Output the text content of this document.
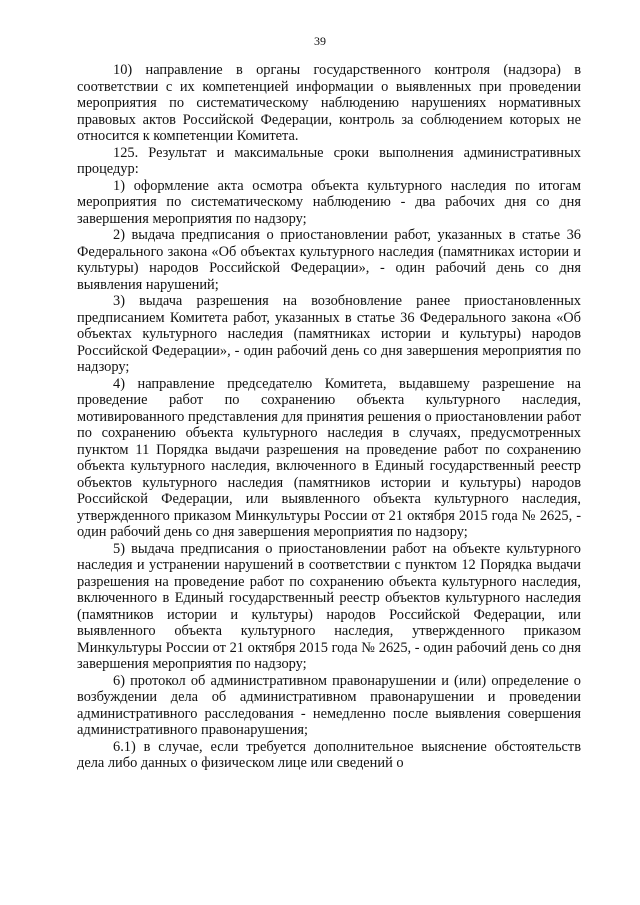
39

10) направление в органы государственного контроля (надзора) в соответствии с их компетенцией информации о выявленных при проведении мероприятия по систематическому наблюдению нарушениях нормативных правовых актов Российской Федерации, контроль за соблюдением которых не относится к компетенции Комитета.

125. Результат и максимальные сроки выполнения административных процедур:

1) оформление акта осмотра объекта культурного наследия по итогам мероприятия по систематическому наблюдению - два рабочих дня со дня завершения мероприятия по надзору;

2) выдача предписания о приостановлении работ, указанных в статье 36 Федерального закона «Об объектах культурного наследия (памятниках истории и культуры) народов Российской Федерации», - один рабочий день со дня выявления нарушений;

3) выдача разрешения на возобновление ранее приостановленных предписанием Комитета работ, указанных в статье 36 Федерального закона «Об объектах культурного наследия (памятниках истории и культуры) народов Российской Федерации», - один рабочий день со дня завершения мероприятия по надзору;

4) направление председателю Комитета, выдавшему разрешение на проведение работ по сохранению объекта культурного наследия, мотивированного представления для принятия решения о приостановлении работ по сохранению объекта культурного наследия в случаях, предусмотренных пунктом 11 Порядка выдачи разрешения на проведение работ по сохранению объекта культурного наследия, включенного в Единый государственный реестр объектов культурного наследия (памятников истории и культуры) народов Российской Федерации, или выявленного объекта культурного наследия, утвержденного приказом Минкультуры России от 21 октября 2015 года № 2625, - один рабочий день со дня завершения мероприятия по надзору;

5) выдача предписания о приостановлении работ на объекте культурного наследия и устранении нарушений в соответствии с пунктом 12 Порядка выдачи разрешения на проведение работ по сохранению объекта культурного наследия, включенного в Единый государственный реестр объектов культурного наследия (памятников истории и культуры) народов Российской Федерации, или выявленного объекта культурного наследия, утвержденного приказом Минкультуры России от 21 октября 2015 года № 2625, - один рабочий день со дня завершения мероприятия по надзору;

6) протокол об административном правонарушении и (или) определение о возбуждении дела об административном правонарушении и проведении административного расследования - немедленно после выявления совершения административного правонарушения;

6.1) в случае, если требуется дополнительное выяснение обстоятельств дела либо данных о физическом лице или сведений о
